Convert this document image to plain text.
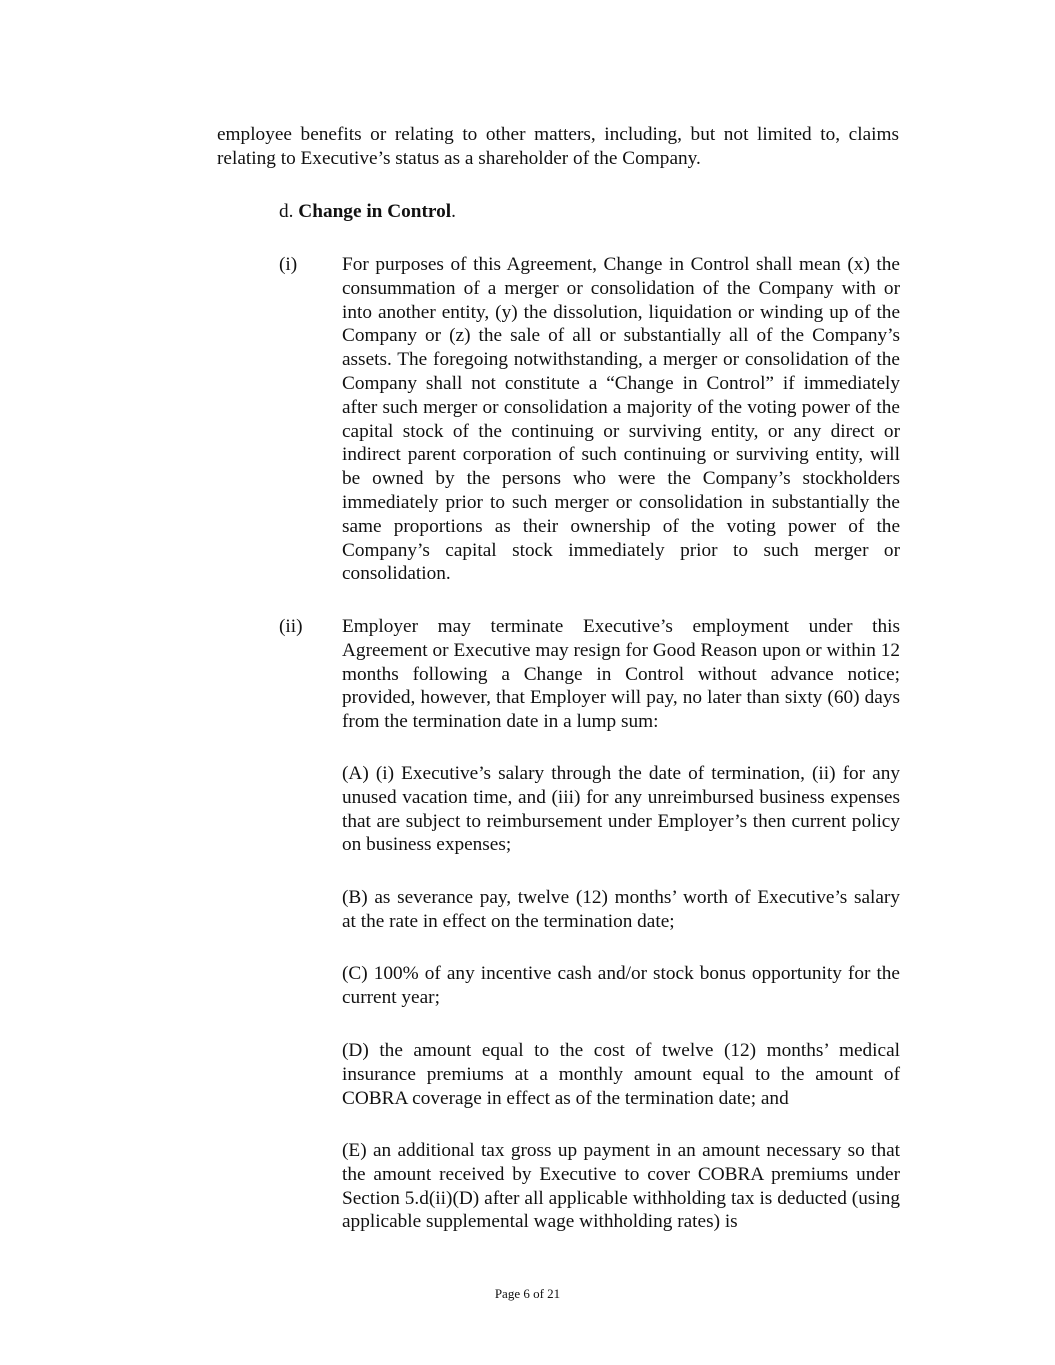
employee benefits or relating to other matters, including, but not limited to, claims relating to Executive’s status as a shareholder of the Company.

d. Change in Control.

(i) For purposes of this Agreement, Change in Control shall mean (x) the consummation of a merger or consolidation of the Company with or into another entity, (y) the dissolution, liquidation or winding up of the Company or (z) the sale of all or substantially all of the Company’s assets. The foregoing notwithstanding, a merger or consolidation of the Company shall not constitute a “Change in Control” if immediately after such merger or consolidation a majority of the voting power of the capital stock of the continuing or surviving entity, or any direct or indirect parent corporation of such continuing or surviving entity, will be owned by the persons who were the Company’s stockholders immediately prior to such merger or consolidation in substantially the same proportions as their ownership of the voting power of the Company’s capital stock immediately prior to such merger or consolidation.

(ii) Employer may terminate Executive’s employment under this Agreement or Executive may resign for Good Reason upon or within 12 months following a Change in Control without advance notice; provided, however, that Employer will pay, no later than sixty (60) days from the termination date in a lump sum:

(A) (i) Executive’s salary through the date of termination, (ii) for any unused vacation time, and (iii) for any unreimbursed business expenses that are subject to reimbursement under Employer’s then current policy on business expenses;

(B) as severance pay, twelve (12) months’ worth of Executive’s salary at the rate in effect on the termination date;

(C) 100% of any incentive cash and/or stock bonus opportunity for the current year;

(D) the amount equal to the cost of twelve (12) months’ medical insurance premiums at a monthly amount equal to the amount of COBRA coverage in effect as of the termination date; and

(E) an additional tax gross up payment in an amount necessary so that the amount received by Executive to cover COBRA premiums under Section 5.d(ii)(D) after all applicable withholding tax is deducted (using applicable supplemental wage withholding rates) is

Page 6 of 21
